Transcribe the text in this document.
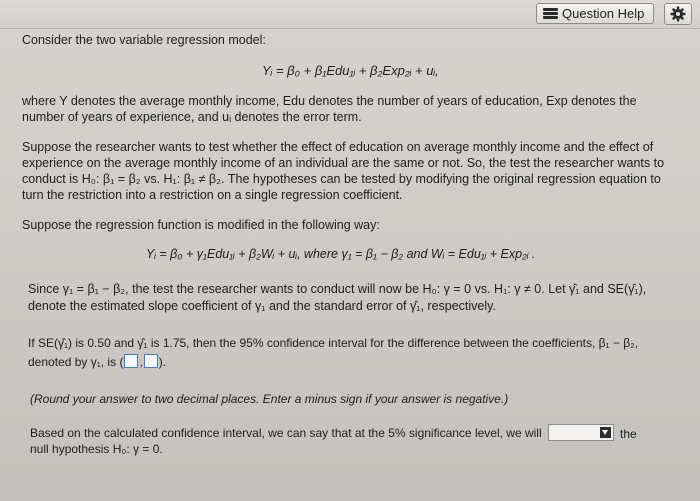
Question Help
Consider the two variable regression model:
Yᵢ = β₀ + β₁Edu₁ᵢ + β₂Exp₂ᵢ + uᵢ,
where Y denotes the average monthly income, Edu denotes the number of years of education, Exp denotes the
number of years of experience, and uᵢ denotes the error term.
Suppose the researcher wants to test whether the effect of education on average monthly income and the effect of
experience on the average monthly income of an individual are the same or not. So, the test the researcher wants to
conduct is H₀: β₁ = β₂ vs. H₁: β₁ ≠ β₂. The hypotheses can be tested by modifying the original regression equation to
turn the restriction into a restriction on a single regression coefficient.
Suppose the regression function is modified in the following way:
Yᵢ = β₀ + γ₁Edu₁ᵢ + β₂Wᵢ + uᵢ, where γ₁ = β₁ − β₂ and Wᵢ = Edu₁ᵢ + Exp₂ᵢ .
Since γ₁ = β₁ − β₂, the test the researcher wants to conduct will now be H₀: γ = 0 vs. H₁: γ ≠ 0. Let γ̂₁ and SE(γ̂₁),
denote the estimated slope coefficient of γ₁ and the standard error of γ̂₁, respectively.
If SE(γ̂₁) is 0.50 and γ̂₁ is 1.75, then the 95% confidence interval for the difference between the coefficients, β₁ − β₂,
denoted by γ₁, is ( , ).
(Round your answer to two decimal places. Enter a minus sign if your answer is negative.)
Based on the calculated confidence interval, we can say that at the 5% significance level, we will
null hypothesis H₀: γ = 0.
the
